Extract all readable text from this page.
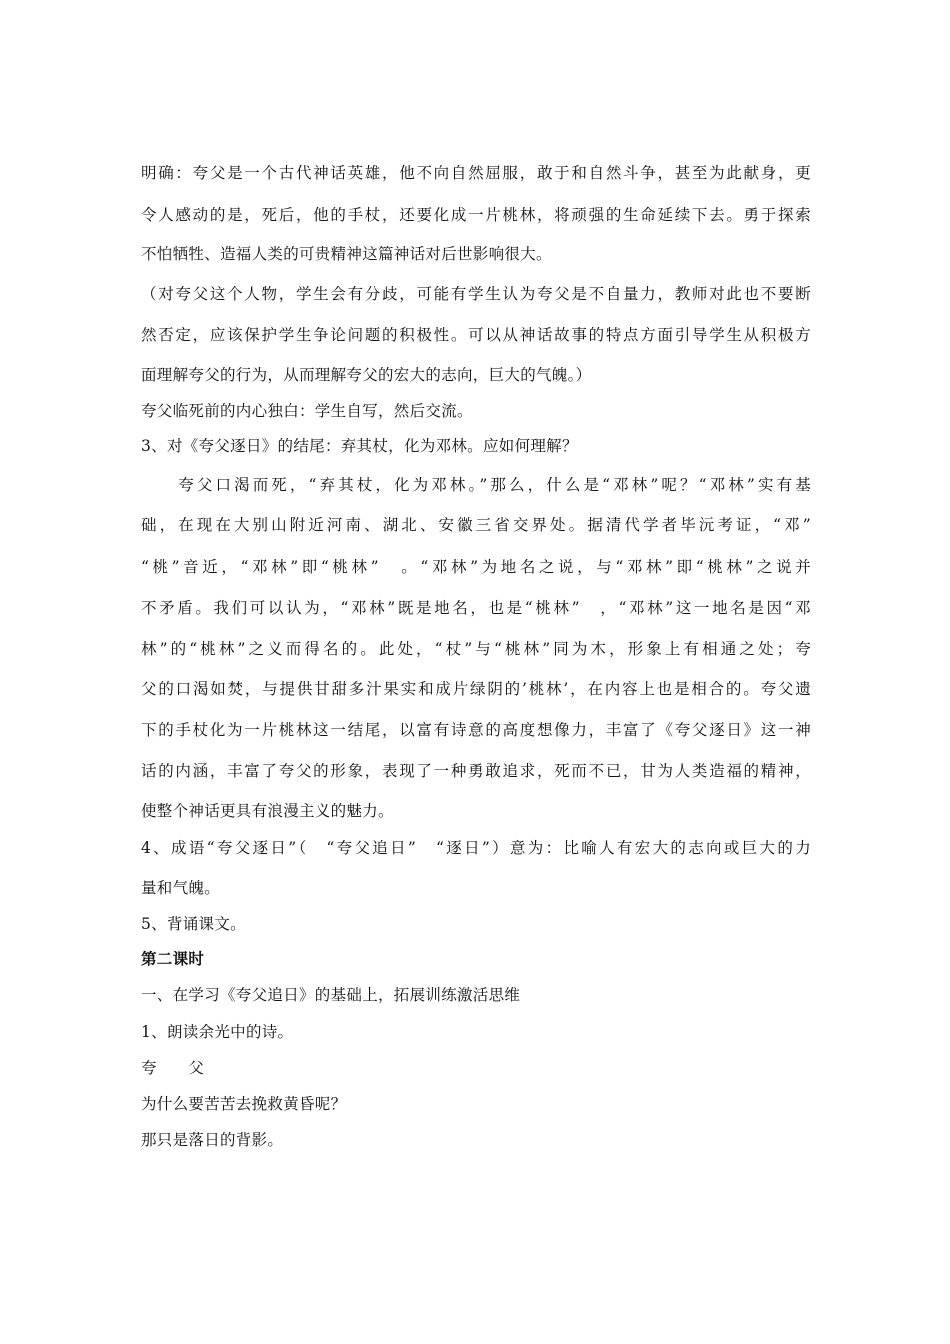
明确：夸父是一个古代神话英雄，他不向自然屈服，敢于和自然斗争，甚至为此献身，更
令人感动的是，死后，他的手杖，还要化成一片桃林，将顽强的生命延续下去。勇于探索
不怕牺牲、造福人类的可贵精神这篇神话对后世影响很大。
（对夸父这个人物，学生会有分歧，可能有学生认为夸父是不自量力，教师对此也不要断
然否定，应该保护学生争论问题的积极性。可以从神话故事的特点方面引导学生从积极方
面理解夸父的行为，从而理解夸父的宏大的志向，巨大的气魄。）
夸父临死前的内心独白：学生自写，然后交流。
3、对《夸父逐日》的结尾：弃其杖，化为邓林。应如何理解？
　　夸父口渴而死，“弃其杖，化为邓林。”那么，什么是“邓林”呢？“邓林”实有基
础，在现在大别山附近河南、湖北、安徽三省交界处。据清代学者毕沅考证，“邓”
“桃”音近，“邓林”即“桃林”　。“邓林”为地名之说，与“邓林”即“桃林”之说并
不矛盾。我们可以认为，“邓林”既是地名，也是“桃林”　，“邓林”这一地名是因“邓
林”的“桃林”之义而得名的。此处，“杖”与“桃林”同为木，形象上有相通之处；夸
父的口渴如焚，与提供甘甜多汁果实和成片绿阴的’桃林’，在内容上也是相合的。夸父遗
下的手杖化为一片桃林这一结尾，以富有诗意的高度想像力，丰富了《夸父逐日》这一神
话的内涵，丰富了夸父的形象，表现了一种勇敢追求，死而不已，甘为人类造福的精神，
使整个神话更具有浪漫主义的魅力。
4、成语“夸父逐日”（　“夸父追日”　“逐日”）意为：比喻人有宏大的志向或巨大的力
量和气魄。
5、背诵课文。
第二课时
一、在学习《夸父追日》的基础上，拓展训练激活思维
1、朗读余光中的诗。
夸　　父
为什么要苦苦去挽救黄昏呢？
那只是落日的背影。
